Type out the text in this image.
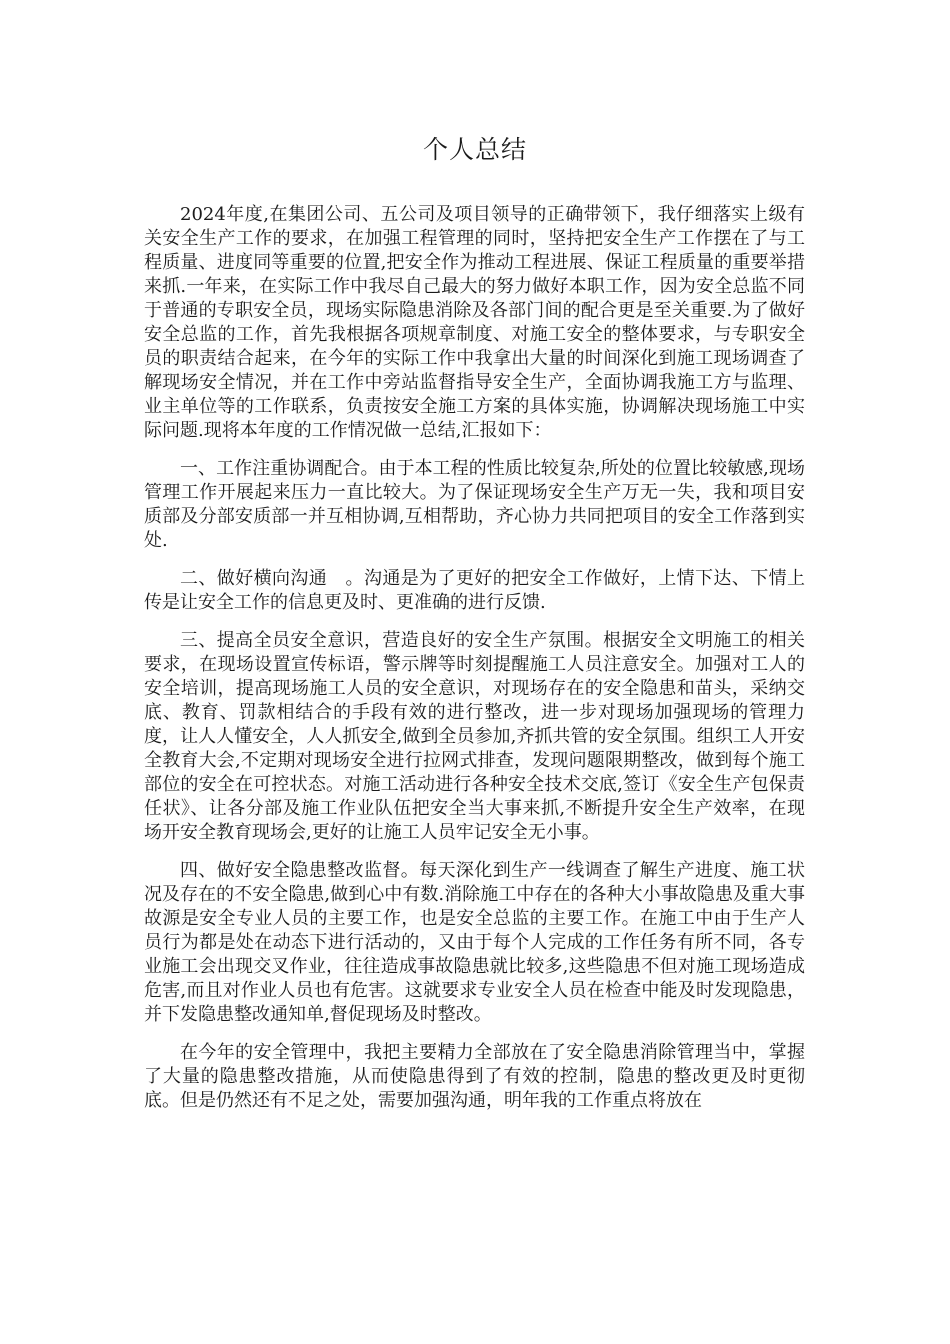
个人总结

2024年度,在集团公司、五公司及项目领导的正确带领下，我仔细落实上级有关安全生产工作的要求，在加强工程管理的同时，坚持把安全生产工作摆在了与工程质量、进度同等重要的位置,把安全作为推动工程进展、保证工程质量的重要举措来抓.一年来，在实际工作中我尽自己最大的努力做好本职工作，因为安全总监不同于普通的专职安全员，现场实际隐患消除及各部门间的配合更是至关重要.为了做好安全总监的工作，首先我根据各项规章制度、对施工安全的整体要求，与专职安全员的职责结合起来，在今年的实际工作中我拿出大量的时间深化到施工现场调查了解现场安全情况，并在工作中旁站监督指导安全生产，全面协调我施工方与监理、业主单位等的工作联系，负责按安全施工方案的具体实施，协调解决现场施工中实际问题.现将本年度的工作情况做一总结,汇报如下：

一、工作注重协调配合。由于本工程的性质比较复杂,所处的位置比较敏感,现场管理工作开展起来压力一直比较大。为了保证现场安全生产万无一失，我和项目安质部及分部安质部一并互相协调,互相帮助，齐心协力共同把项目的安全工作落到实处.

二、做好横向沟通　。沟通是为了更好的把安全工作做好，上情下达、下情上传是让安全工作的信息更及时、更准确的进行反馈.

三、提高全员安全意识，营造良好的安全生产氛围。根据安全文明施工的相关要求，在现场设置宣传标语，警示牌等时刻提醒施工人员注意安全。加强对工人的安全培训，提高现场施工人员的安全意识，对现场存在的安全隐患和苗头，采纳交底、教育、罚款相结合的手段有效的进行整改，进一步对现场加强现场的管理力度，让人人懂安全，人人抓安全,做到全员参加,齐抓共管的安全氛围。组织工人开安全教育大会,不定期对现场安全进行拉网式排查，发现问题限期整改，做到每个施工部位的安全在可控状态。对施工活动进行各种安全技术交底,签订《安全生产包保责任状》、让各分部及施工作业队伍把安全当大事来抓,不断提升安全生产效率，在现场开安全教育现场会,更好的让施工人员牢记安全无小事。

四、做好安全隐患整改监督。每天深化到生产一线调查了解生产进度、施工状况及存在的不安全隐患,做到心中有数.消除施工中存在的各种大小事故隐患及重大事故源是安全专业人员的主要工作，也是安全总监的主要工作。在施工中由于生产人员行为都是处在动态下进行活动的，又由于每个人完成的工作任务有所不同，各专业施工会出现交叉作业，往往造成事故隐患就比较多,这些隐患不但对施工现场造成危害,而且对作业人员也有危害。这就要求专业安全人员在检查中能及时发现隐患，并下发隐患整改通知单,督促现场及时整改。

在今年的安全管理中，我把主要精力全部放在了安全隐患消除管理当中，掌握了大量的隐患整改措施，从而使隐患得到了有效的控制，隐患的整改更及时更彻底。但是仍然还有不足之处，需要加强沟通，明年我的工作重点将放在
